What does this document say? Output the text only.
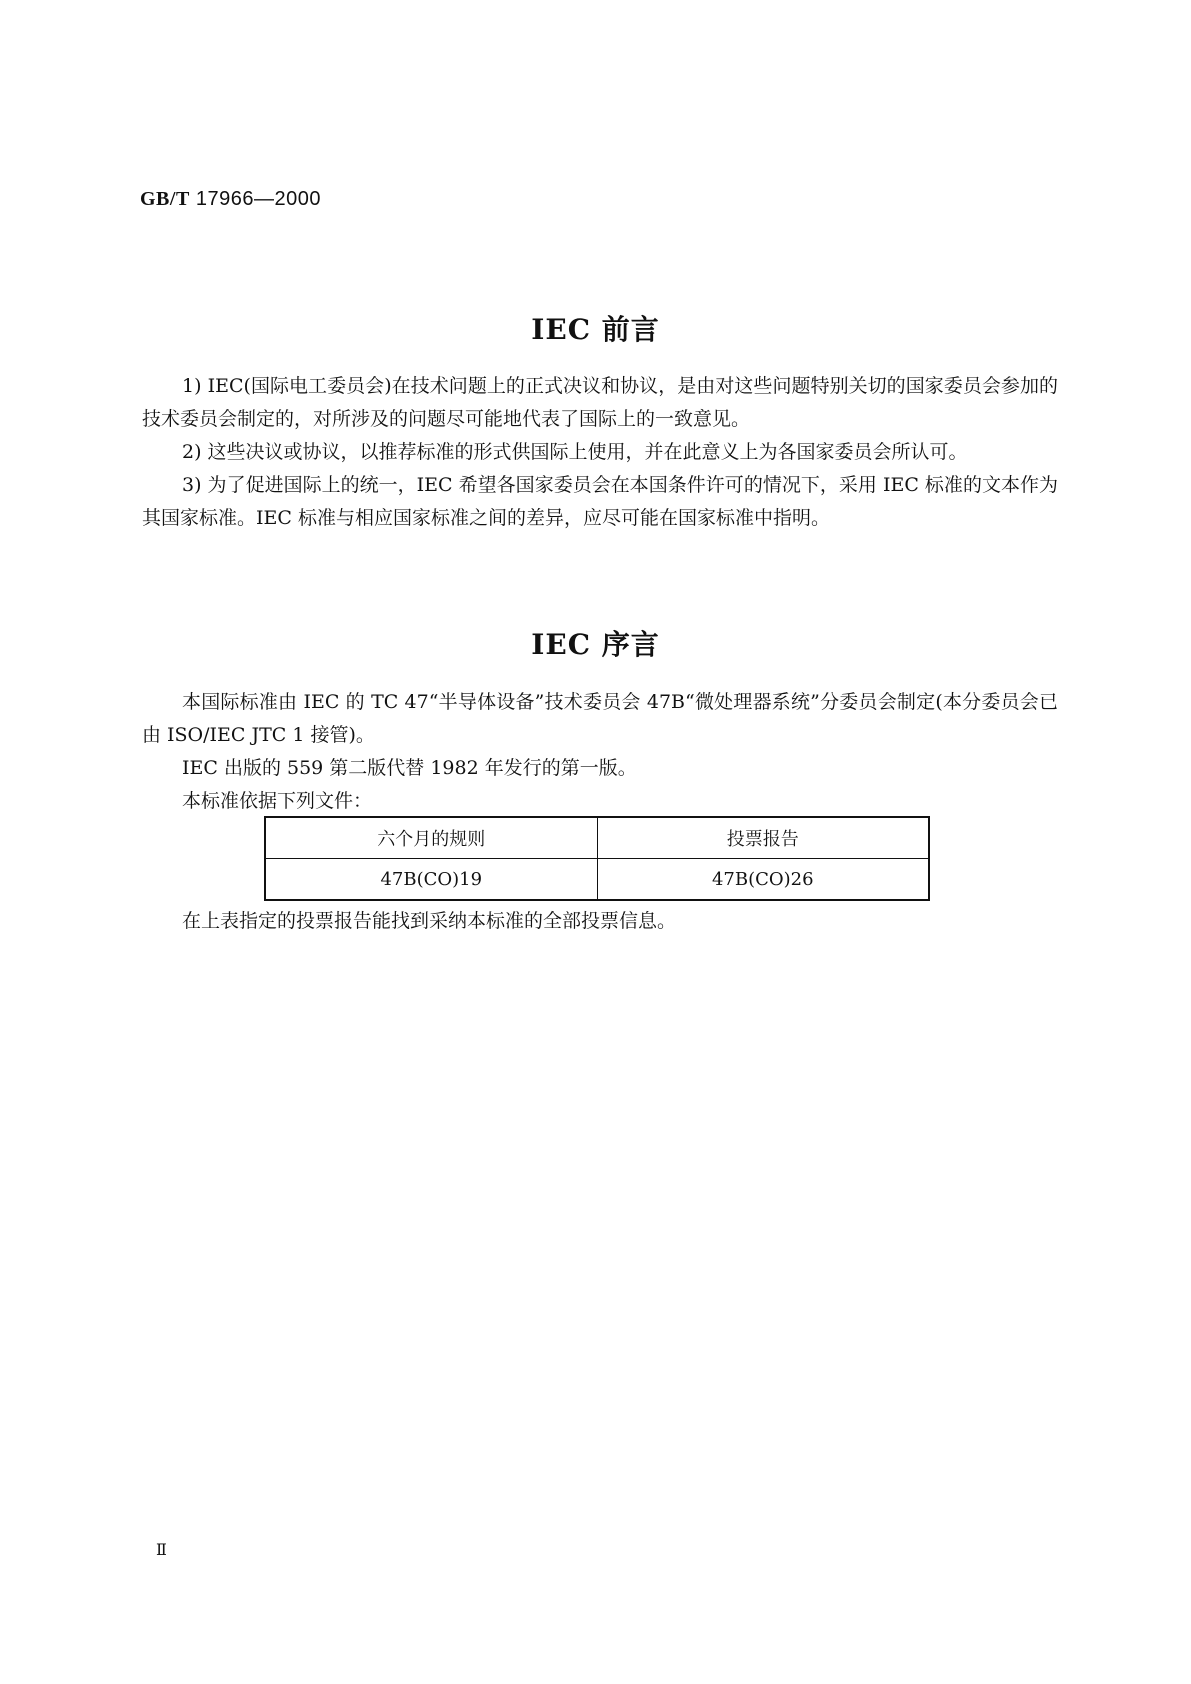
GB/T 17966—2000
IEC 前言

1) IEC(国际电工委员会)在技术问题上的正式决议和协议，是由对这些问题特别关切的国家委员会参加的技术委员会制定的，对所涉及的问题尽可能地代表了国际上的一致意见。

2) 这些决议或协议，以推荐标准的形式供国际上使用，并在此意义上为各国家委员会所认可。

3) 为了促进国际上的统一，IEC 希望各国家委员会在本国条件许可的情况下，采用 IEC 标准的文本作为其国家标准。IEC 标准与相应国家标准之间的差异，应尽可能在国家标准中指明。

IEC 序言

本国际标准由 IEC 的 TC 47“半导体设备”技术委员会 47B“微处理器系统”分委员会制定(本分委员会已由 ISO/IEC JTC 1 接管)。

IEC 出版的 559 第二版代替 1982 年发行的第一版。

本标准依据下列文件：

六个月的规则	投票报告
47B(CO)19	47B(CO)26
在上表指定的投票报告能找到采纳本标准的全部投票信息。
Ⅱ
